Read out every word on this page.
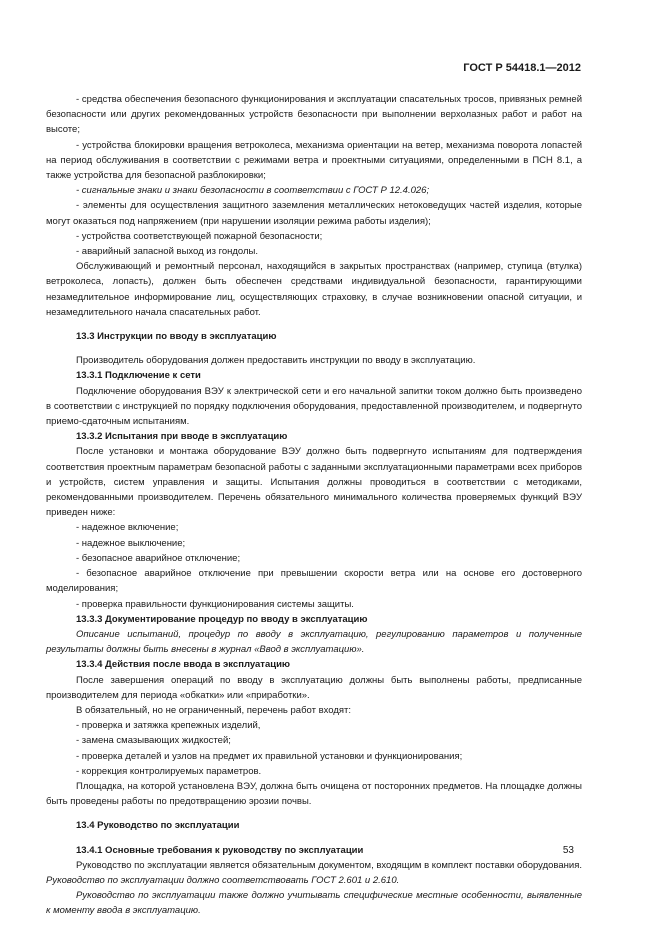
ГОСТ Р 54418.1—2012

- средства обеспечения безопасного функционирования и эксплуатации спасательных тросов, привязных ремней безопасности или других рекомендованных устройств безопасности при выполнении верхолазных работ и работ на высоте;

- устройства блокировки вращения ветроколеса, механизма ориентации на ветер, механизма поворота лопастей на период обслуживания в соответствии с режимами ветра и проектными ситуациями, определенными в ПСН 8.1, а также устройства для безопасной разблокировки;

- сигнальные знаки и знаки безопасности в соответствии с ГОСТ Р 12.4.026;

- элементы для осуществления защитного заземления металлических нетоковедущих частей изделия, которые могут оказаться под напряжением (при нарушении изоляции режима работы изделия);

- устройства соответствующей пожарной безопасности;

- аварийный запасной выход из гондолы.

Обслуживающий и ремонтный персонал, находящийся в закрытых пространствах (например, ступица (втулка) ветроколеса, лопасть), должен быть обеспечен средствами индивидуальной безопасности, гарантирующими незамедлительное информирование лиц, осуществляющих страховку, в случае возникновении опасной ситуации, и незамедлительного начала спасательных работ.

13.3 Инструкции по вводу в эксплуатацию

Производитель оборудования должен предоставить инструкции по вводу в эксплуатацию.

13.3.1 Подключение к сети

Подключение оборудования ВЭУ к электрической сети и его начальной запитки током должно быть произведено в соответствии с инструкцией по порядку подключения оборудования, предоставленной производителем, и подвергнуто приемо-сдаточным испытаниям.

13.3.2 Испытания при вводе в эксплуатацию

После установки и монтажа оборудование ВЭУ должно быть подвергнуто испытаниям для подтверждения соответствия проектным параметрам безопасной работы с заданными эксплуатационными параметрами всех приборов и устройств, систем управления и защиты. Испытания должны проводиться в соответствии с методиками, рекомендованными производителем. Перечень обязательного минимального количества проверяемых функций ВЭУ приведен ниже:

- надежное включение;

- надежное выключение;

- безопасное аварийное отключение;

- безопасное аварийное отключение при превышении скорости ветра или на основе его достоверного моделирования;

- проверка правильности функционирования системы защиты.

13.3.3 Документирование процедур по вводу в эксплуатацию

Описание испытаний, процедур по вводу в эксплуатацию, регулированию параметров и полученные результаты должны быть внесены в журнал «Ввод в эксплуатацию».

13.3.4 Действия после ввода в эксплуатацию

После завершения операций по вводу в эксплуатацию должны быть выполнены работы, предписанные производителем для периода «обкатки» или «приработки».

В обязательный, но не ограниченный, перечень работ входят:

- проверка и затяжка крепежных изделий,

- замена смазывающих жидкостей;

- проверка деталей и узлов на предмет их правильной установки и функционирования;

- коррекция контролируемых параметров.

Площадка, на которой установлена ВЭУ, должна быть очищена от посторонних предметов. На площадке должны быть проведены работы по предотвращению эрозии почвы.

13.4 Руководство по эксплуатации

13.4.1 Основные требования к руководству по эксплуатации

Руководство по эксплуатации является обязательным документом, входящим в комплект поставки оборудования. Руководство по эксплуатации должно соответствовать ГОСТ 2.601 и 2.610.

Руководство по эксплуатации также должно учитывать специфические местные особенности, выявленные к моменту ввода в эксплуатацию.

53
